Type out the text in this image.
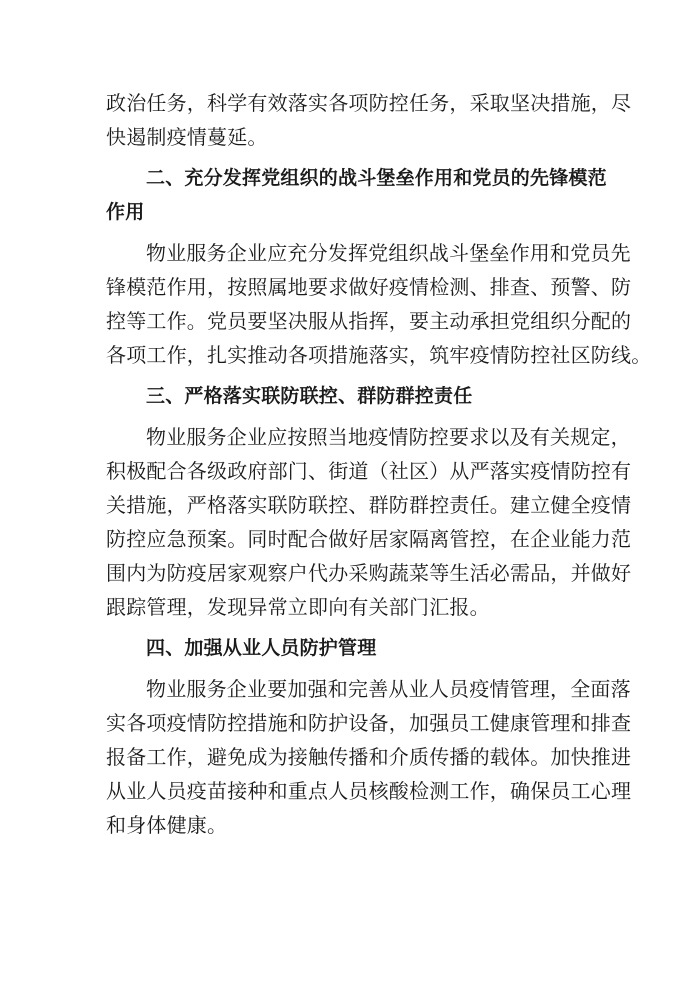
政治任务，科学有效落实各项防控任务，采取坚决措施，尽
快遏制疫情蔓延。
二、充分发挥党组织的战斗堡垒作用和党员的先锋模范
作用
物业服务企业应充分发挥党组织战斗堡垒作用和党员先
锋模范作用，按照属地要求做好疫情检测、排查、预警、防
控等工作。党员要坚决服从指挥，要主动承担党组织分配的
各项工作，扎实推动各项措施落实，筑牢疫情防控社区防线。
三、严格落实联防联控、群防群控责任
物业服务企业应按照当地疫情防控要求以及有关规定，
积极配合各级政府部门、街道（社区）从严落实疫情防控有
关措施，严格落实联防联控、群防群控责任。建立健全疫情
防控应急预案。同时配合做好居家隔离管控，在企业能力范
围内为防疫居家观察户代办采购蔬菜等生活必需品，并做好
跟踪管理，发现异常立即向有关部门汇报。
四、加强从业人员防护管理
物业服务企业要加强和完善从业人员疫情管理，全面落
实各项疫情防控措施和防护设备，加强员工健康管理和排查
报备工作，避免成为接触传播和介质传播的载体。加快推进
从业人员疫苗接种和重点人员核酸检测工作，确保员工心理
和身体健康。
